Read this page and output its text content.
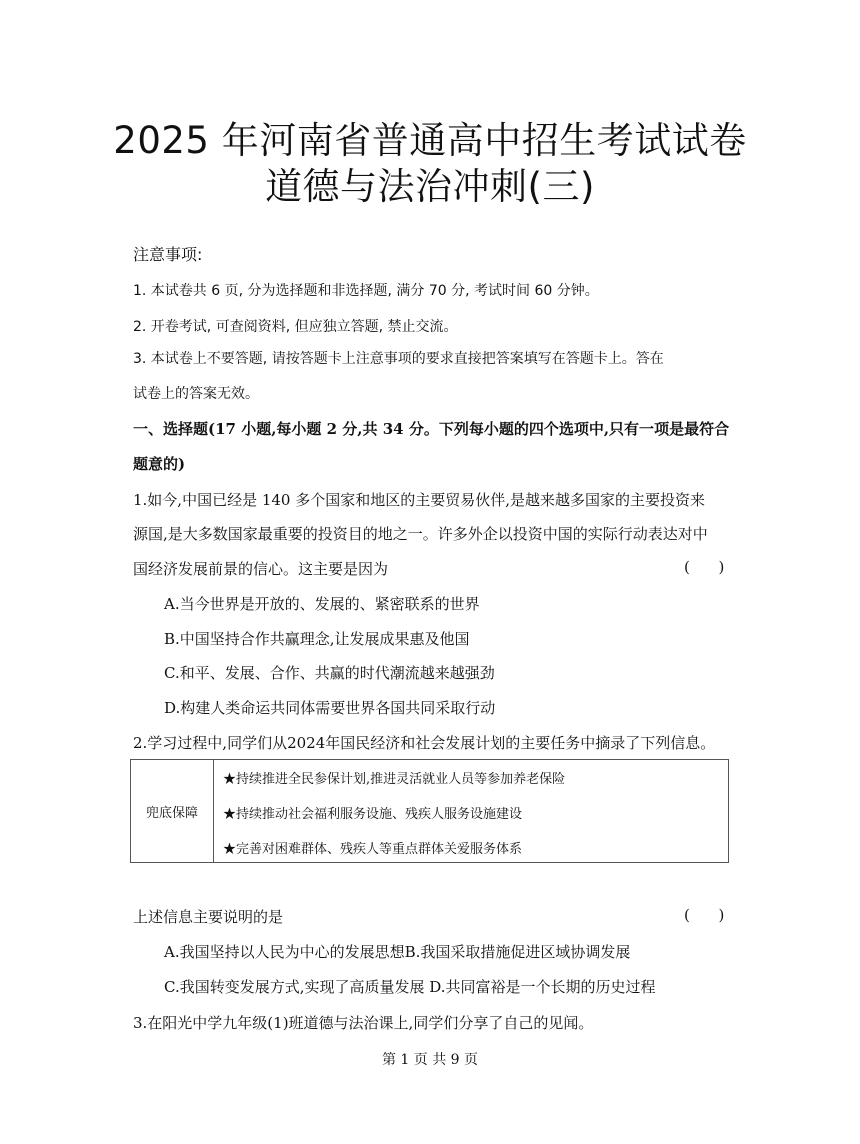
2025 年河南省普通高中招生考试试卷
道德与法治冲刺(三)
注意事项:
1. 本试卷共 6 页, 分为选择题和非选择题, 满分 70 分, 考试时间 60 分钟。
2. 开卷考试, 可查阅资料, 但应独立答题, 禁止交流。
3. 本试卷上不要答题, 请按答题卡上注意事项的要求直接把答案填写在答题卡上。答在
试卷上的答案无效。
一、选择题(17 小题,每小题 2 分,共 34 分。下列每小题的四个选项中,只有一项是最符合
题意的)
1.如今,中国已经是 140 多个国家和地区的主要贸易伙伴,是越来越多国家的主要投资来
源国,是大多数国家最重要的投资目的地之一。许多外企以投资中国的实际行动表达对中
国经济发展前景的信心。这主要是因为	(      )
A.当今世界是开放的、发展的、紧密联系的世界
B.中国坚持合作共赢理念,让发展成果惠及他国
C.和平、发展、合作、共赢的时代潮流越来越强劲
D.构建人类命运共同体需要世界各国共同采取行动
2.学习过程中,同学们从2024年国民经济和社会发展计划的主要任务中摘录了下列信息。
兜底保障
★持续推进全民参保计划,推进灵活就业人员等参加养老保险
★持续推动社会福利服务设施、残疾人服务设施建设
★完善对困难群体、残疾人等重点群体关爱服务体系
上述信息主要说明的是	(      )
A.我国坚持以人民为中心的发展思想B.我国采取措施促进区域协调发展
C.我国转变发展方式,实现了高质量发展 D.共同富裕是一个长期的历史过程
3.在阳光中学九年级(1)班道德与法治课上,同学们分享了自己的见闻。
第 1 页 共 9 页
